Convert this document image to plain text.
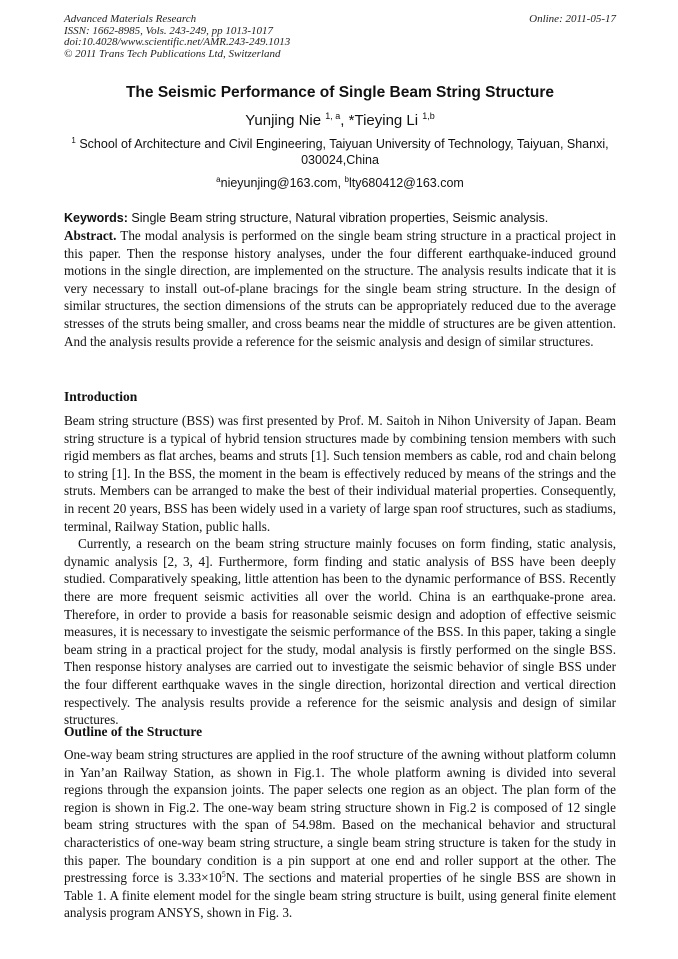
Advanced Materials Research
ISSN: 1662-8985, Vols. 243-249, pp 1013-1017
doi:10.4028/www.scientific.net/AMR.243-249.1013
© 2011 Trans Tech Publications Ltd, Switzerland
Online: 2011-05-17
The Seismic Performance of Single Beam String Structure
Yunjing Nie $^{1, a}$, *Tieying Li $^{1,b}$
$^1$ School of Architecture and Civil Engineering, Taiyuan University of Technology, Taiyuan, Shanxi,
030024,China
$^a$nieyunjing@163.com, $^b$lty680412@163.com
Keywords: Single Beam string structure, Natural vibration properties, Seismic analysis.
Abstract. The modal analysis is performed on the single beam string structure in a practical project in this paper. Then the response history analyses, under the four different earthquake-induced ground motions in the single direction, are implemented on the structure. The analysis results indicate that it is very necessary to install out-of-plane bracings for the single beam string structure. In the design of similar structures, the section dimensions of the struts can be appropriately reduced due to the average stresses of the struts being smaller, and cross beams near the middle of structures are be given attention. And the analysis results provide a reference for the seismic analysis and design of similar structures.
Introduction

Beam string structure (BSS) was first presented by Prof. M. Saitoh in Nihon University of Japan. Beam string structure is a typical of hybrid tension structures made by combining tension members with such rigid members as flat arches, beams and struts [1]. Such tension members as cable, rod and chain belong to string [1]. In the BSS, the moment in the beam is effectively reduced by means of the strings and the struts. Members can be arranged to make the best of their individual material properties. Consequently, in recent 20 years, BSS has been widely used in a variety of large span roof structures, such as stadiums, terminal, Railway Station, public halls.

Currently, a research on the beam string structure mainly focuses on form finding, static analysis, dynamic analysis [2, 3, 4]. Furthermore, form finding and static analysis of BSS have been deeply studied. Comparatively speaking, little attention has been to the dynamic performance of BSS. Recently there are more frequent seismic activities all over the world. China is an earthquake-prone area. Therefore, in order to provide a basis for reasonable seismic design and adoption of effective seismic measures, it is necessary to investigate the seismic performance of the BSS. In this paper, taking a single beam string in a practical project for the study, modal analysis is firstly performed on the single BSS. Then response history analyses are carried out to investigate the seismic behavior of single BSS under the four different earthquake waves in the single direction, horizontal direction and vertical direction respectively. The analysis results provide a reference for the seismic analysis and design of similar structures.

Outline of the Structure
One-way beam string structures are applied in the roof structure of the awning without platform column in Yan’an Railway Station, as shown in Fig.1. The whole platform awning is divided into several regions through the expansion joints. The paper selects one region as an object. The plan form of the region is shown in Fig.2. The one-way beam string structure shown in Fig.2 is composed of 12 single beam string structures with the span of 54.98m. Based on the mechanical behavior and structural characteristics of one-way beam string structure, a single beam string structure is taken for the study in this paper. The boundary condition is a pin support at one end and roller support at the other. The prestressing force is $3.33\times 10^5N$. The sections and material properties of he single BSS are shown in Table 1. A finite element model for the single beam string structure is built, using general finite element analysis program ANSYS, shown in Fig. 3.
